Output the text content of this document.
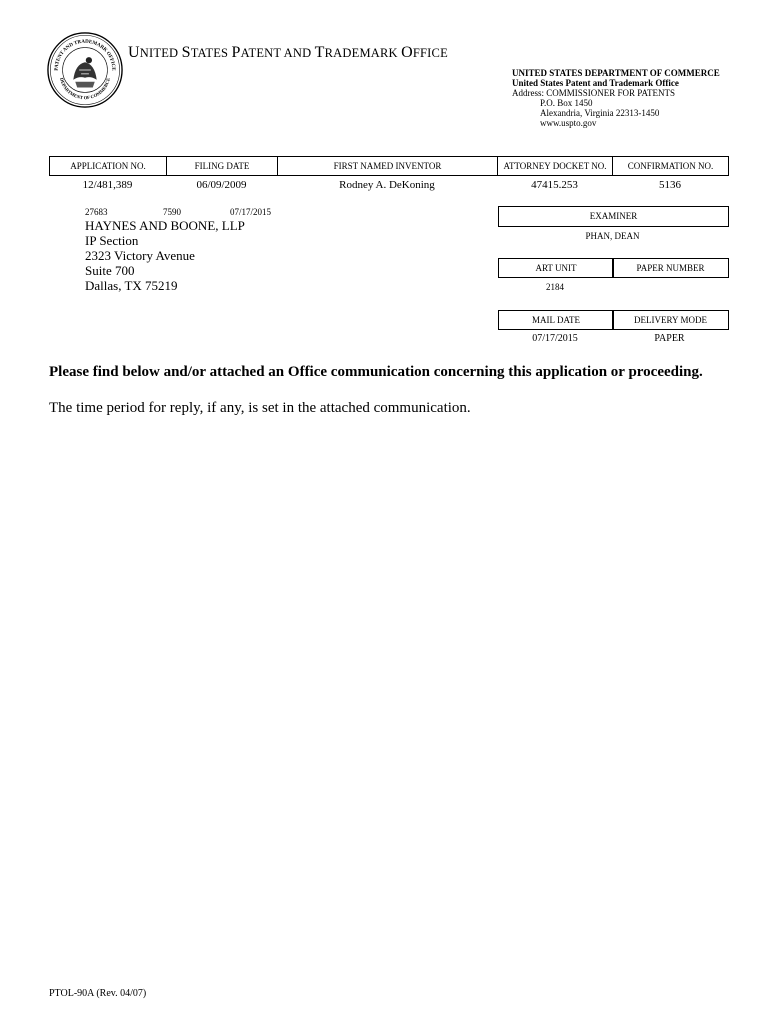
PATENT AND TRADEMARK OFFICE
DEPARTMENT OF COMMERCE
UNITED STATES PATENT AND TRADEMARK OFFICE
UNITED STATES DEPARTMENT OF COMMERCE
United States Patent and Trademark Office
Address: COMMISSIONER FOR PATENTS
P.O. Box 1450
Alexandria, Virginia 22313-1450
www.uspto.gov
APPLICATION NO.	FILING DATE	FIRST NAMED INVENTOR	ATTORNEY DOCKET NO.	CONFIRMATION NO.
12/481,389	06/09/2009	Rodney A. DeKoning	47415.253	5136
27683	7590	07/17/2015
HAYNES AND BOONE, LLP
IP Section
2323 Victory Avenue
Suite 700
Dallas, TX 75219
EXAMINER
PHAN, DEAN
ART UNIT	PAPER NUMBER
2184
MAIL DATE	DELIVERY MODE
07/17/2015	PAPER
Please find below and/or attached an Office communication concerning this application or proceeding.
The time period for reply, if any, is set in the attached communication.
PTOL-90A (Rev. 04/07)
